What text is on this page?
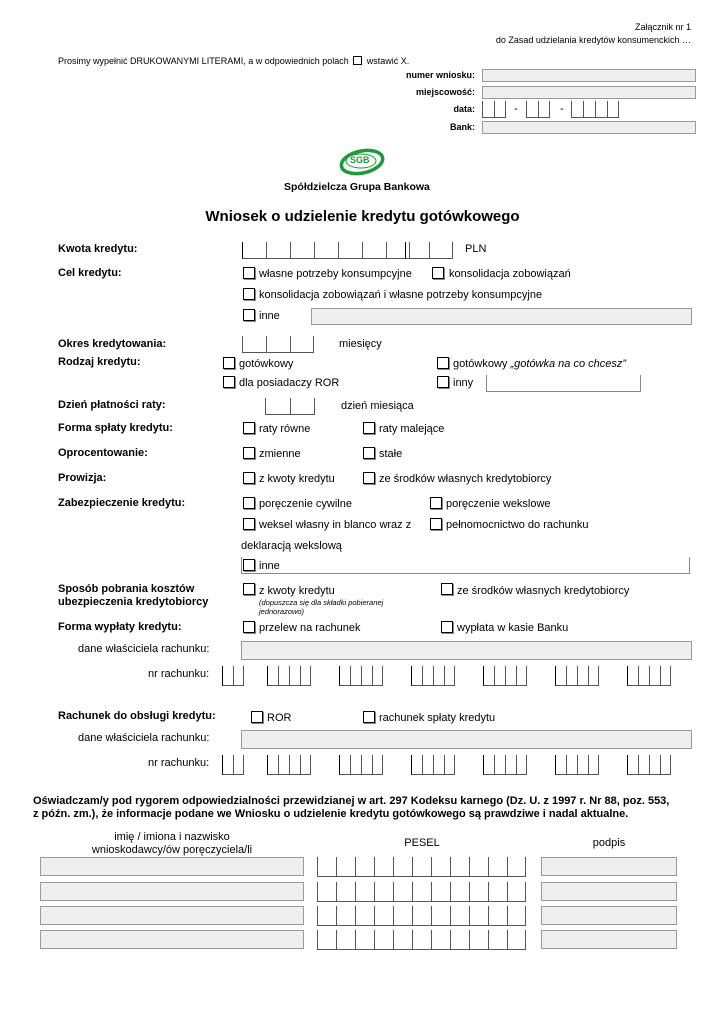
Załącznik nr 1
do Zasad udzielania kredytów konsumenckich …
Prosimy wypełnić DRUKOWANYMI LITERAMI, a w odpowiednich polach wstawić X.
numer wniosku:
miejscowość:
data:	-	-
Bank:
SGB
Spółdzielcza Grupa Bankowa
Wniosek o udzielenie kredytu gotówkowego
Kwota kredytu:	PLN
Cel kredytu:	własne potrzeby konsumpcyjne	konsolidacja zobowiązań
konsolidacja zobowiązań i własne potrzeby konsumpcyjne
inne
Okres kredytowania:	miesięcy
Rodzaj kredytu:	gotówkowy	gotówkowy „gotówka na co chcesz”
dla posiadaczy ROR	inny
Dzień płatności raty:	dzień miesiąca
Forma spłaty kredytu:	raty równe	raty malejące
Oprocentowanie:	zmienne	stałe
Prowizja:	z kwoty kredytu	ze środków własnych kredytobiorcy
Zabezpieczenie kredytu:	poręczenie cywilne	poręczenie wekslowe
weksel własny in blanco wraz z	pełnomocnictwo do rachunku
deklaracją wekslową
inne
Sposób pobrania kosztów
ubezpieczenia kredytobiorcy
z kwoty kredytu
(dopuszcza się dla składki pobieranej
jednorazowo)
ze środków własnych kredytobiorcy
Forma wypłaty kredytu:	przelew na rachunek	wypłata w kasie Banku
dane właściciela rachunku:
nr rachunku:
Rachunek do obsługi kredytu:	ROR	rachunek spłaty kredytu
dane właściciela rachunku:
nr rachunku:
Oświadczam/y pod rygorem odpowiedzialności przewidzianej w art. 297 Kodeksu karnego (Dz. U. z 1997 r. Nr 88, poz. 553,
z późn. zm.), że informacje podane we Wniosku o udzielenie kredytu gotówkowego są prawdziwe i nadal aktualne.
imię / imiona i nazwisko
wnioskodawcy/ów poręczyciela/li
PESEL	podpis
